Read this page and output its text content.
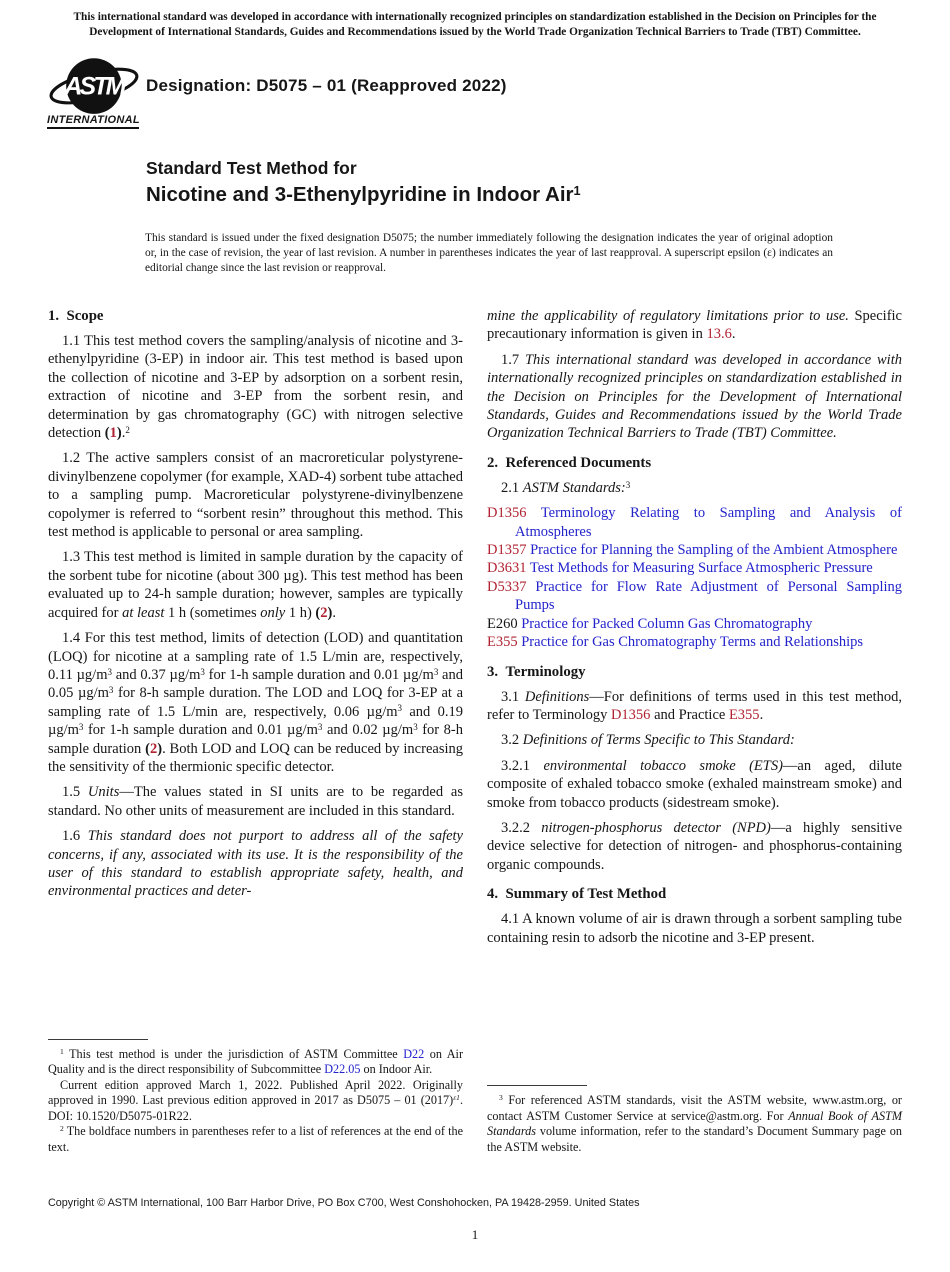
This international standard was developed in accordance with internationally recognized principles on standardization established in the Decision on Principles for the Development of International Standards, Guides and Recommendations issued by the World Trade Organization Technical Barriers to Trade (TBT) Committee.
ASTM
INTERNATIONAL
Designation: D5075 – 01 (Reapproved 2022)
Standard Test Method for
Nicotine and 3-Ethenylpyridine in Indoor Air$^1$
This standard is issued under the fixed designation D5075; the number immediately following the designation indicates the year of original adoption or, in the case of revision, the year of last revision. A number in parentheses indicates the year of last reapproval. A superscript epsilon (ε) indicates an editorial change since the last revision or reapproval.
1. Scope

1.1 This test method covers the sampling/analysis of nicotine and 3-ethenylpyridine (3-EP) in indoor air. This test method is based upon the collection of nicotine and 3-EP by adsorption on a sorbent resin, extraction of nicotine and 3-EP from the sorbent resin, and determination by gas chromatography (GC) with nitrogen selective detection (1).$^2$

1.2 The active samplers consist of an macroreticular polystyrene-divinylbenzene copolymer (for example, XAD-4) sorbent tube attached to a sampling pump. Macroreticular polystyrene-divinylbenzene copolymer is referred to “sorbent resin” throughout this method. This test method is applicable to personal or area sampling.

1.3 This test method is limited in sample duration by the capacity of the sorbent tube for nicotine (about 300 µg). This test method has been evaluated up to 24-h sample duration; however, samples are typically acquired for at least 1 h (sometimes only 1 h) (2).

1.4 For this test method, limits of detection (LOD) and quantitation (LOQ) for nicotine at a sampling rate of 1.5 L/min are, respectively, 0.11 $\mu g/m^3$ and 0.37 $\mu g/m^3$ for 1-h sample duration and 0.01 $\mu g/m^3$ and 0.05 $\mu g/m^3$ for 8-h sample duration. The LOD and LOQ for 3-EP at a sampling rate of 1.5 L/min are, respectively, 0.06 $\mu g/m^3$ and 0.19 $\mu g/m^3$ for 1-h sample duration and 0.01 $\mu g/m^3$ and 0.02 $\mu g/m^3$ for 8-h sample duration (2). Both LOD and LOQ can be reduced by increasing the sensitivity of the thermionic specific detector.

1.5 Units—The values stated in SI units are to be regarded as standard. No other units of measurement are included in this standard.

1.6 This standard does not purport to address all of the safety concerns, if any, associated with its use. It is the responsibility of the user of this standard to establish appropriate safety, health, and environmental practices and deter-

$^1$ This test method is under the jurisdiction of ASTM Committee D22 on Air Quality and is the direct responsibility of Subcommittee D22.05 on Indoor Air.

Current edition approved March 1, 2022. Published April 2022. Originally approved in 1990. Last previous edition approved in 2017 as D5075 – 01 $(2017)^{\varepsilon 1}$. DOI: 10.1520/D5075-01R22.

$^2$ The boldface numbers in parentheses refer to a list of references at the end of the text.

mine the applicability of regulatory limitations prior to use. Specific precautionary information is given in 13.6.

1.7 This international standard was developed in accordance with internationally recognized principles on standardization established in the Decision on Principles for the Development of International Standards, Guides and Recommendations issued by the World Trade Organization Technical Barriers to Trade (TBT) Committee.

2. Referenced Documents

2.1 ASTM Standards:$^3$

D1356 Terminology Relating to Sampling and Analysis of Atmospheres

D1357 Practice for Planning the Sampling of the Ambient Atmosphere

D3631 Test Methods for Measuring Surface Atmospheric Pressure

D5337 Practice for Flow Rate Adjustment of Personal Sampling Pumps

E260 Practice for Packed Column Gas Chromatography

E355 Practice for Gas Chromatography Terms and Relationships

3. Terminology

3.1 Definitions—For definitions of terms used in this test method, refer to Terminology D1356 and Practice E355.

3.2 Definitions of Terms Specific to This Standard:

3.2.1 environmental tobacco smoke (ETS)—an aged, dilute composite of exhaled tobacco smoke (exhaled mainstream smoke) and smoke from tobacco products (sidestream smoke).

3.2.2 nitrogen-phosphorus detector (NPD)—a highly sensitive device selective for detection of nitrogen- and phosphorus-containing organic compounds.

4. Summary of Test Method

4.1 A known volume of air is drawn through a sorbent sampling tube containing resin to adsorb the nicotine and 3-EP present.

$^3$ For referenced ASTM standards, visit the ASTM website, www.astm.org, or contact ASTM Customer Service at service@astm.org. For Annual Book of ASTM Standards volume information, refer to the standard’s Document Summary page on the ASTM website.

Copyright © ASTM International, 100 Barr Harbor Drive, PO Box C700, West Conshohocken, PA 19428-2959. United States
1
